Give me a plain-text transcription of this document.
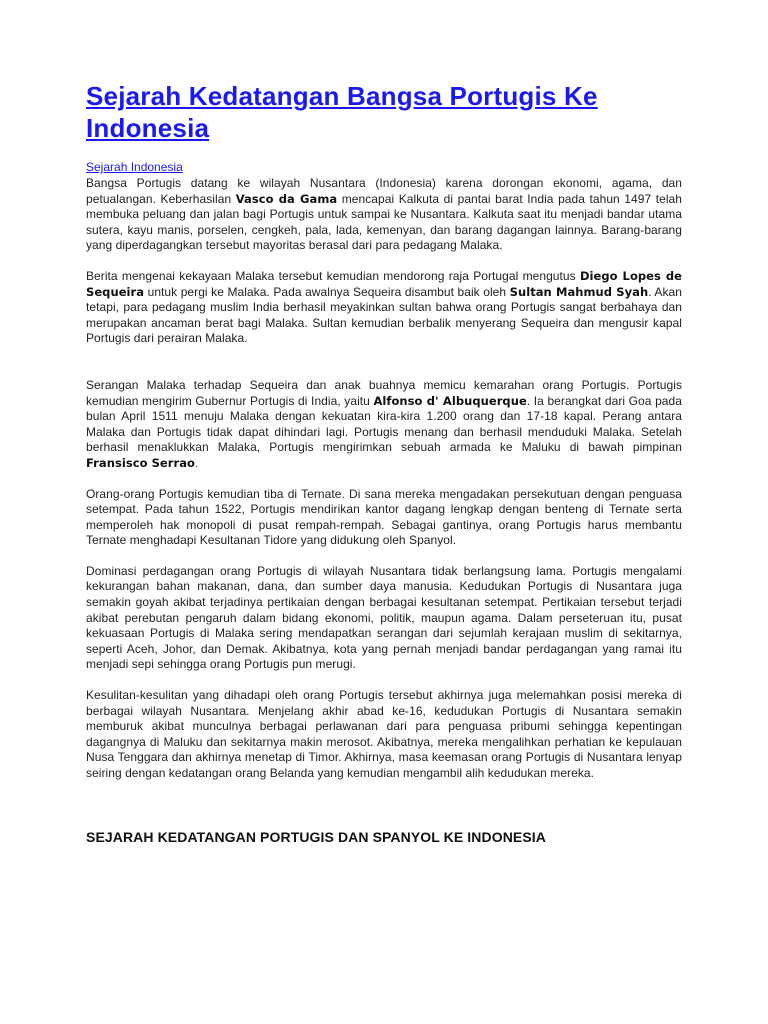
Sejarah Kedatangan Bangsa Portugis Ke Indonesia
Sejarah Indonesia

Bangsa Portugis datang ke wilayah Nusantara (Indonesia) karena dorongan ekonomi, agama, dan petualangan. Keberhasilan Vasco da Gama mencapai Kalkuta di pantai barat India pada tahun 1497 telah membuka peluang dan jalan bagi Portugis untuk sampai ke Nusantara. Kalkuta saat itu menjadi bandar utama sutera, kayu manis, porselen, cengkeh, pala, lada, kemenyan, dan barang dagangan lainnya. Barang-barang yang diperdagangkan tersebut mayoritas berasal dari para pedagang Malaka.

Berita mengenai kekayaan Malaka tersebut kemudian mendorong raja Portugal mengutus Diego Lopes de Sequeira untuk pergi ke Malaka. Pada awalnya Sequeira disambut baik oleh Sultan Mahmud Syah. Akan tetapi, para pedagang muslim India berhasil meyakinkan sultan bahwa orang Portugis sangat berbahaya dan merupakan ancaman berat bagi Malaka. Sultan kemudian berbalik menyerang Sequeira dan mengusir kapal Portugis dari perairan Malaka.

Serangan Malaka terhadap Sequeira dan anak buahnya memicu kemarahan orang Portugis. Portugis kemudian mengirim Gubernur Portugis di India, yaitu Alfonso d' Albuquerque. Ia berangkat dari Goa pada bulan April 1511 menuju Malaka dengan kekuatan kira-kira 1.200 orang dan 17-18 kapal. Perang antara Malaka dan Portugis tidak dapat dihindari lagi. Portugis menang dan berhasil menduduki Malaka. Setelah berhasil menaklukkan Malaka, Portugis mengirimkan sebuah armada ke Maluku di bawah pimpinan Fransisco Serrao.

Orang-orang Portugis kemudian tiba di Ternate. Di sana mereka mengadakan persekutuan dengan penguasa setempat. Pada tahun 1522, Portugis mendirikan kantor dagang lengkap dengan benteng di Ternate serta memperoleh hak monopoli di pusat rempah-rempah. Sebagai gantinya, orang Portugis harus membantu Ternate menghadapi Kesultanan Tidore yang didukung oleh Spanyol.

Dominasi perdagangan orang Portugis di wilayah Nusantara tidak berlangsung lama. Portugis mengalami kekurangan bahan makanan, dana, dan sumber daya manusia. Kedudukan Portugis di Nusantara juga semakin goyah akibat terjadinya pertikaian dengan berbagai kesultanan setempat. Pertikaian tersebut terjadi akibat perebutan pengaruh dalam bidang ekonomi, politik, maupun agama. Dalam perseteruan itu, pusat kekuasaan Portugis di Malaka sering mendapatkan serangan dari sejumlah kerajaan muslim di sekitarnya, seperti Aceh, Johor, dan Demak. Akibatnya, kota yang pernah menjadi bandar perdagangan yang ramai itu menjadi sepi sehingga orang Portugis pun merugi.

Kesulitan-kesulitan yang dihadapi oleh orang Portugis tersebut akhirnya juga melemahkan posisi mereka di berbagai wilayah Nusantara. Menjelang akhir abad ke-16, kedudukan Portugis di Nusantara semakin memburuk akibat munculnya berbagai perlawanan dari para penguasa pribumi sehingga kepentingan dagangnya di Maluku dan sekitarnya makin merosot. Akibatnya, mereka mengalihkan perhatian ke kepulauan Nusa Tenggara dan akhirnya menetap di Timor. Akhirnya, masa keemasan orang Portugis di Nusantara lenyap seiring dengan kedatangan orang Belanda yang kemudian mengambil alih kedudukan mereka.

SEJARAH KEDATANGAN PORTUGIS DAN SPANYOL KE INDONESIA
